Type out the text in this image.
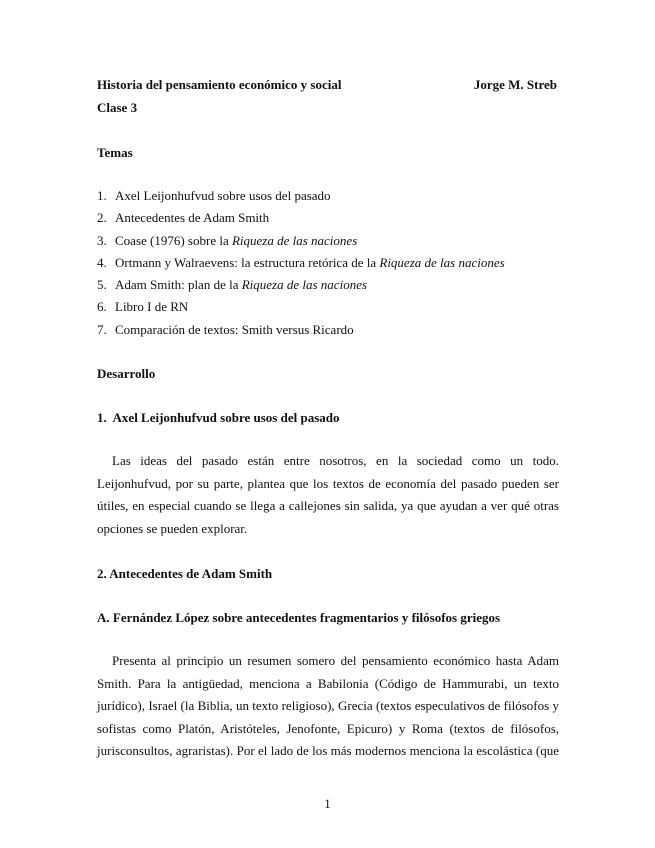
Historia del pensamiento económico y social	Jorge M. Streb
Clase 3
Temas
1. Axel Leijonhufvud sobre usos del pasado
2. Antecedentes de Adam Smith
3. Coase (1976) sobre la Riqueza de las naciones
4. Ortmann y Walraevens: la estructura retórica de la Riqueza de las naciones
5. Adam Smith: plan de la Riqueza de las naciones
6. Libro I de RN
7. Comparación de textos: Smith versus Ricardo
Desarrollo
1.  Axel Leijonhufvud sobre usos del pasado

Las ideas del pasado están entre nosotros, en la sociedad como un todo. Leijonhufvud, por su parte, plantea que los textos de economía del pasado pueden ser útiles, en especial cuando se llega a callejones sin salida, ya que ayudan a ver qué otras opciones se pueden explorar.

2. Antecedentes de Adam Smith
A. Fernández López sobre antecedentes fragmentarios y filósofos griegos

Presenta al principio un resumen somero del pensamiento económico hasta Adam Smith. Para la antigüedad, menciona a Babilonia (Código de Hammurabi, un texto jurídico), Israel (la Biblia, un texto religioso), Grecia (textos especulativos de filósofos y sofistas como Platón, Aristóteles, Jenofonte, Epicuro) y Roma (textos de filósofos, jurisconsultos, agraristas). Por el lado de los más modernos menciona la escolástica (que

1
